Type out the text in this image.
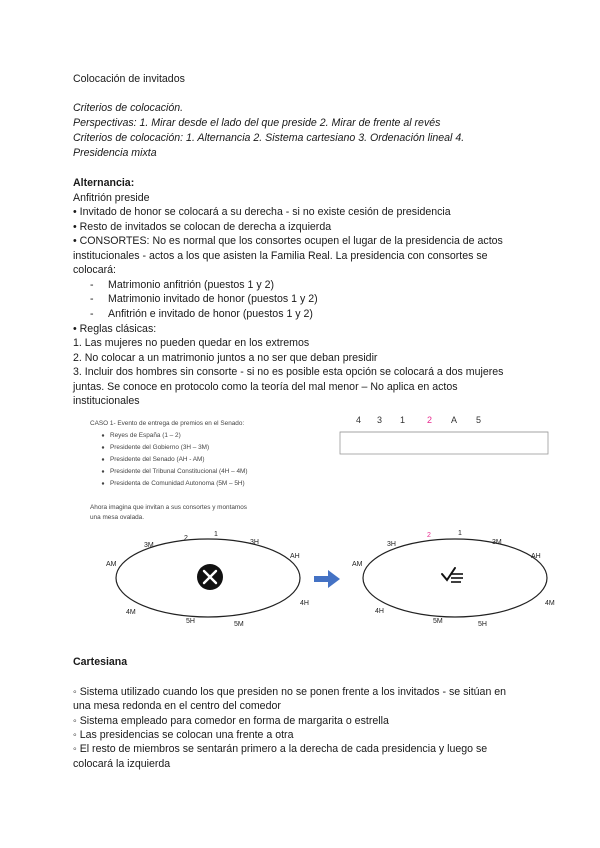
Colocación de invitados
Criterios de colocación.
Perspectivas: 1. Mirar desde el lado del que preside 2. Mirar de frente al revés
Criterios de colocación: 1. Alternancia 2. Sistema cartesiano 3. Ordenación lineal 4.
Presidencia mixta
Alternancia:
Anfitrión preside
• Invitado de honor se colocará a su derecha - si no existe cesión de presidencia
• Resto de invitados se colocan de derecha a izquierda
• CONSORTES: No es normal que los consortes ocupen el lugar de la presidencia de actos
institucionales - actos a los que asisten la Familia Real. La presidencia con consortes se
colocará:
- Matrimonio anfitrión (puestos 1 y 2)
- Matrimonio invitado de honor (puestos 1 y 2)
- Anfitrión e invitado de honor (puestos 1 y 2)
• Reglas clásicas:
1. Las mujeres no pueden quedar en los extremos
2. No colocar a un matrimonio juntos a no ser que deban presidir
3. Incluir dos hombres sin consorte - si no es posible esta opción se colocará a dos mujeres
juntas. Se conoce en protocolo como la teoría del mal menor – No aplica en actos
institucionales
CASO 1- Evento de entrega de premios en el Senado:
Reyes de España (1 – 2)
Presidente del Gobierno (3H – 3M)
Presidente del Senado (AH - AM)
Presidente del Tribunal Constitucional (4H – 4M)
Presidenta de Comunidad Autonoma (5M – 5H)
Ahora imagina que invitan a sus consortes y montamos
una mesa ovalada.
4 3 1 2 A 5
2
1
3M	3H
AM
AH
4M
4H
5H	5M
2	1
3H	3M
AM
AH
4H
4M
5M	5H
Cartesiana
◦ Sistema utilizado cuando los que presiden no se ponen frente a los invitados - se sitúan en
una mesa redonda en el centro del comedor
◦ Sistema empleado para comedor en forma de margarita o estrella
◦ Las presidencias se colocan una frente a otra
◦ El resto de miembros se sentarán primero a la derecha de cada presidencia y luego se
colocará la izquierda
